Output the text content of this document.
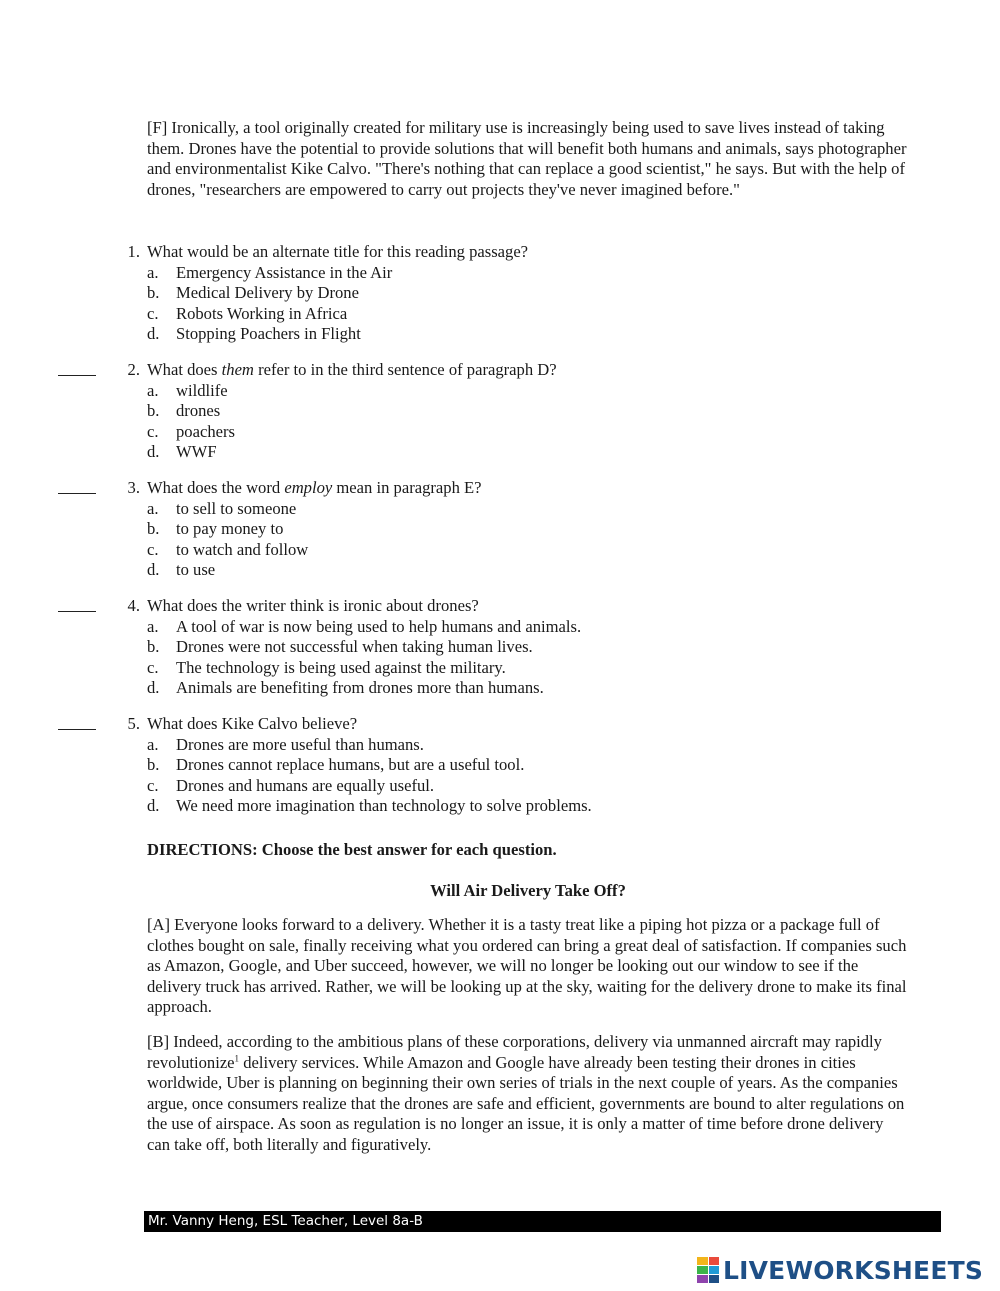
[F] Ironically, a tool originally created for military use is increasingly being used to save lives instead of taking them. Drones have the potential to provide solutions that will benefit both humans and animals, says photographer and environmentalist Kike Calvo. "There's nothing that can replace a good scientist," he says. But with the help of drones, "researchers are empowered to carry out projects they've never imagined before."
1. What would be an alternate title for this reading passage?
a. Emergency Assistance in the Air
b. Medical Delivery by Drone
c. Robots Working in Africa
d. Stopping Poachers in Flight
2. What does them refer to in the third sentence of paragraph D?
a. wildlife
b. drones
c. poachers
d. WWF
3. What does the word employ mean in paragraph E?
a. to sell to someone
b. to pay money to
c. to watch and follow
d. to use
4. What does the writer think is ironic about drones?
a. A tool of war is now being used to help humans and animals.
b. Drones were not successful when taking human lives.
c. The technology is being used against the military.
d. Animals are benefiting from drones more than humans.
5. What does Kike Calvo believe?
a. Drones are more useful than humans.
b. Drones cannot replace humans, but are a useful tool.
c. Drones and humans are equally useful.
d. We need more imagination than technology to solve problems.
DIRECTIONS: Choose the best answer for each question.
Will Air Delivery Take Off?
[A] Everyone looks forward to a delivery. Whether it is a tasty treat like a piping hot pizza or a package full of clothes bought on sale, finally receiving what you ordered can bring a great deal of satisfaction. If companies such as Amazon, Google, and Uber succeed, however, we will no longer be looking out our window to see if the delivery truck has arrived. Rather, we will be looking up at the sky, waiting for the delivery drone to make its final approach.
[B] Indeed, according to the ambitious plans of these corporations, delivery via unmanned aircraft may rapidly revolutionize$^1$ delivery services. While Amazon and Google have already been testing their drones in cities worldwide, Uber is planning on beginning their own series of trials in the next couple of years. As the companies argue, once consumers realize that the drones are safe and efficient, governments are bound to alter regulations on the use of airspace. As soon as regulation is no longer an issue, it is only a matter of time before drone delivery can take off, both literally and figuratively.
Mr. Vanny Heng, ESL Teacher, Level 8a-B
LIVEWORKSHEETS
